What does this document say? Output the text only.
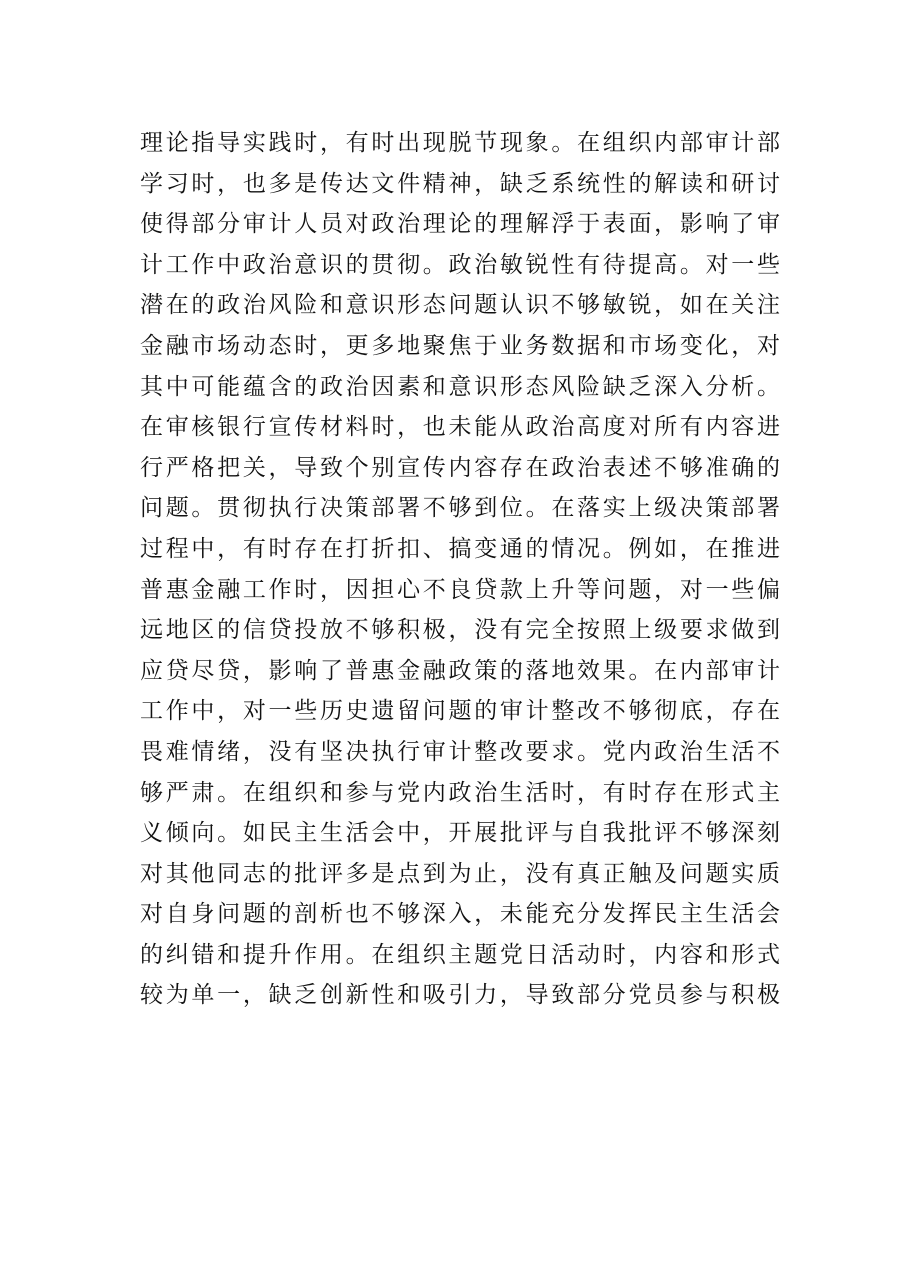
理论指导实践时，有时出现脱节现象。在组织内部审计部
学习时，也多是传达文件精神，缺乏系统性的解读和研讨
使得部分审计人员对政治理论的理解浮于表面，影响了审
计工作中政治意识的贯彻。政治敏锐性有待提高。对一些
潜在的政治风险和意识形态问题认识不够敏锐，如在关注
金融市场动态时，更多地聚焦于业务数据和市场变化，对
其中可能蕴含的政治因素和意识形态风险缺乏深入分析。
在审核银行宣传材料时，也未能从政治高度对所有内容进
行严格把关，导致个别宣传内容存在政治表述不够准确的
问题。贯彻执行决策部署不够到位。在落实上级决策部署
过程中，有时存在打折扣、搞变通的情况。例如，在推进
普惠金融工作时，因担心不良贷款上升等问题，对一些偏
远地区的信贷投放不够积极，没有完全按照上级要求做到
应贷尽贷，影响了普惠金融政策的落地效果。在内部审计
工作中，对一些历史遗留问题的审计整改不够彻底，存在
畏难情绪，没有坚决执行审计整改要求。党内政治生活不
够严肃。在组织和参与党内政治生活时，有时存在形式主
义倾向。如民主生活会中，开展批评与自我批评不够深刻
对其他同志的批评多是点到为止，没有真正触及问题实质
对自身问题的剖析也不够深入，未能充分发挥民主生活会
的纠错和提升作用。在组织主题党日活动时，内容和形式
较为单一，缺乏创新性和吸引力，导致部分党员参与积极
